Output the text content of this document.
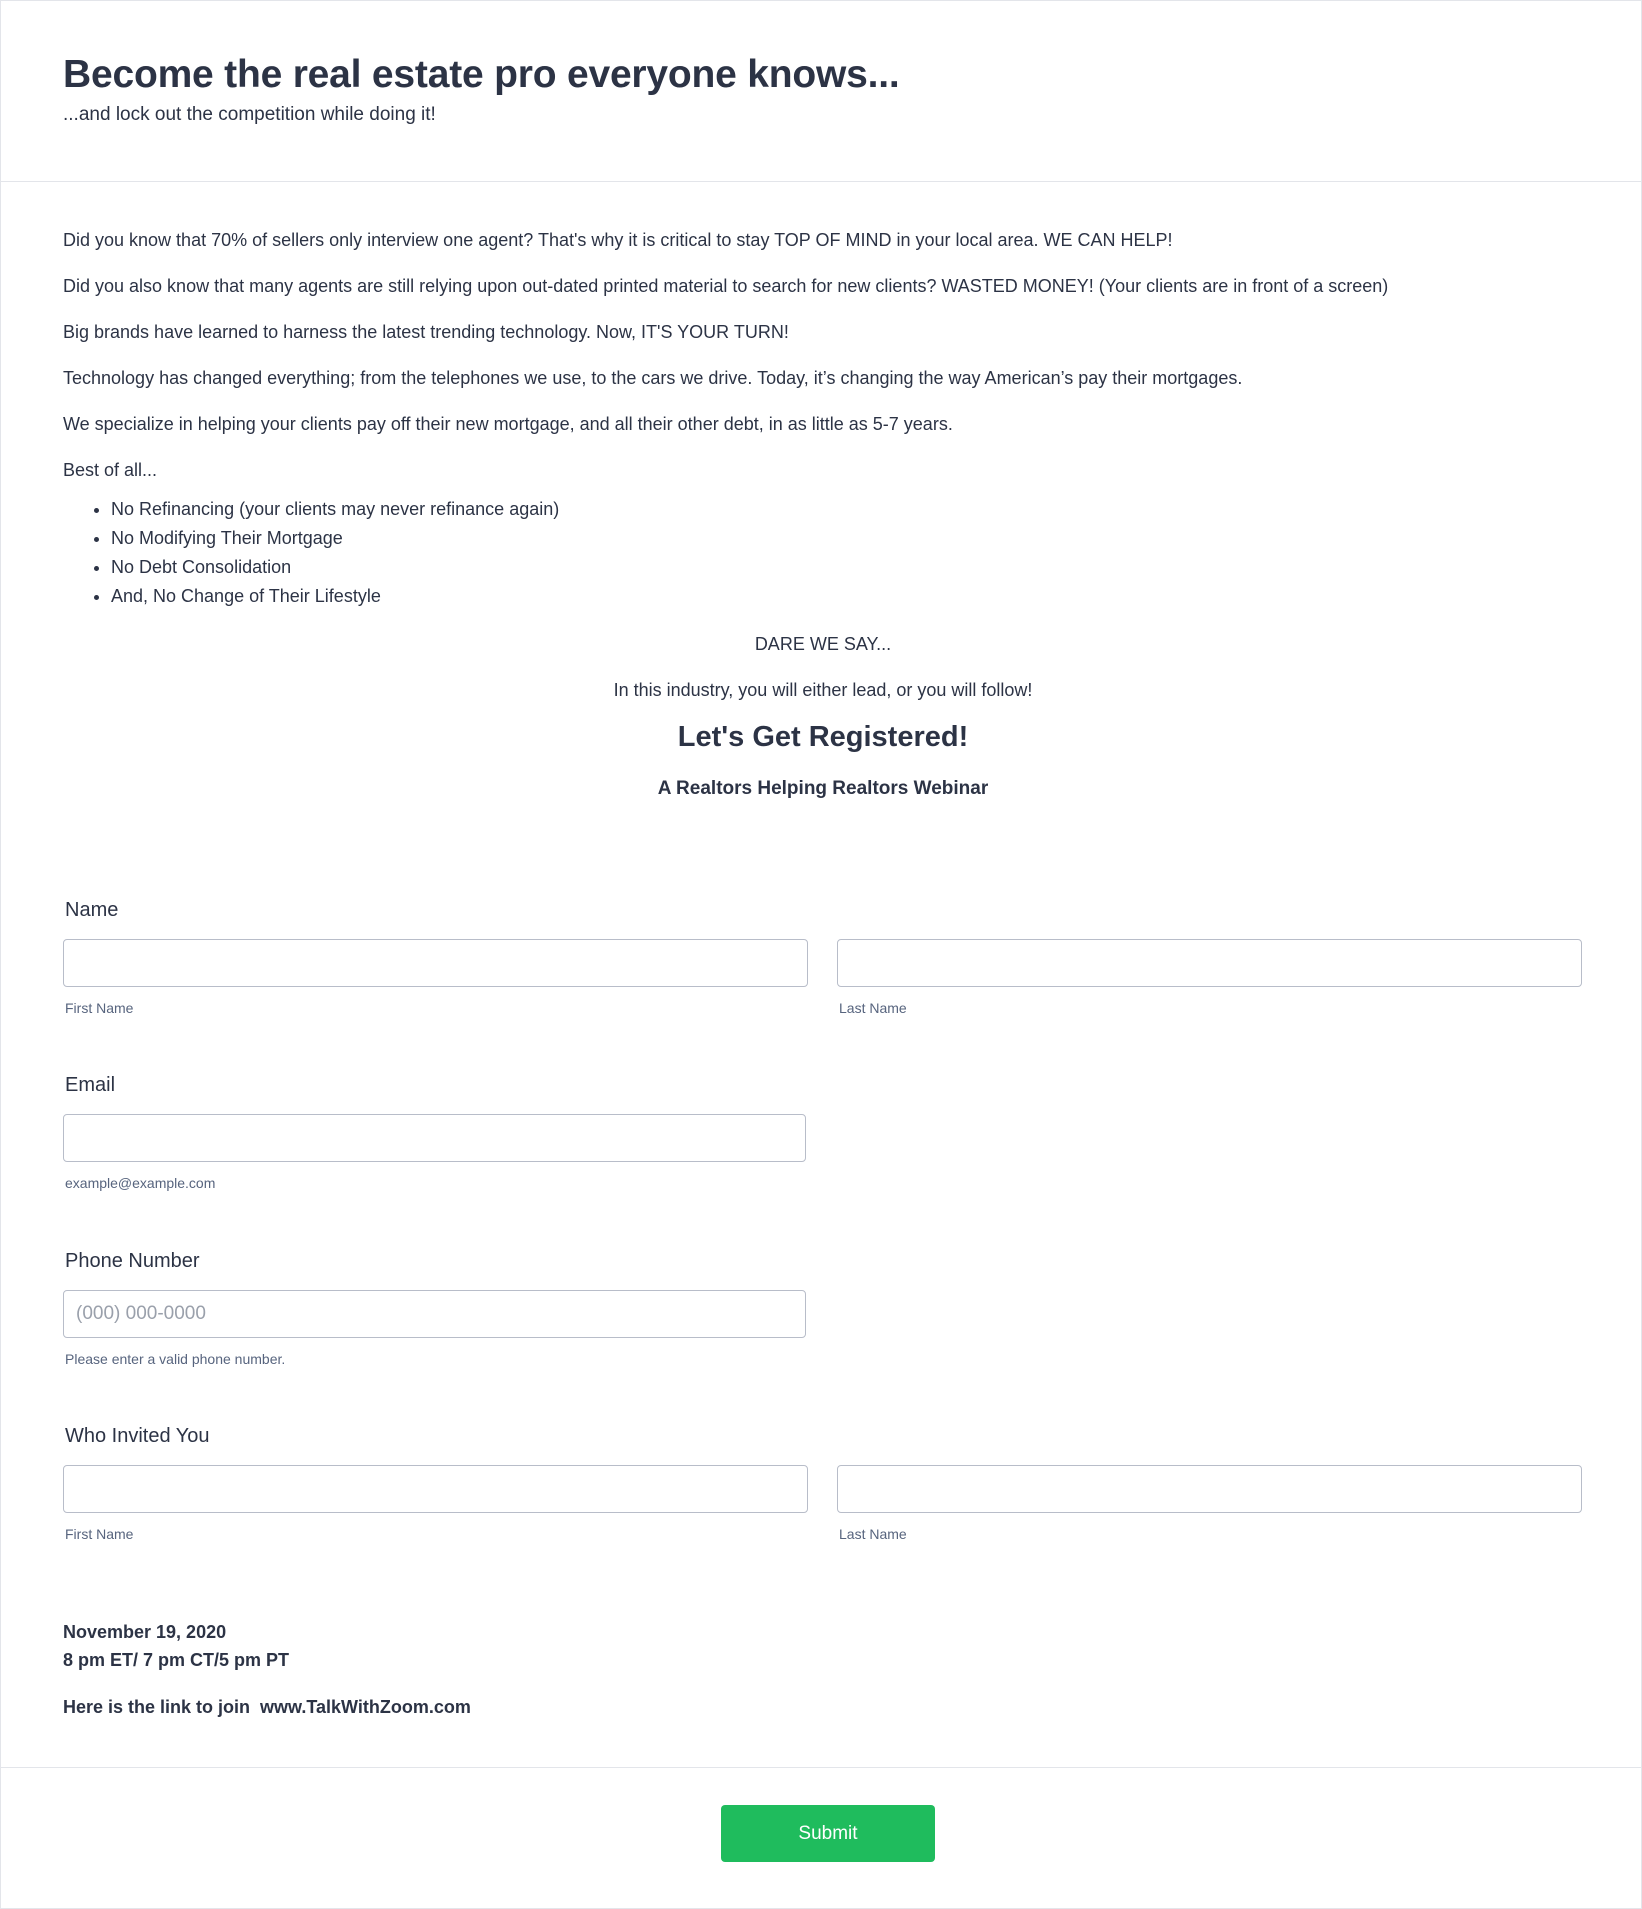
Become the real estate pro everyone knows...
...and lock out the competition while doing it!

Did you know that 70% of sellers only interview one agent? That's why it is critical to stay TOP OF MIND in your local area. WE CAN HELP!

Did you also know that many agents are still relying upon out-dated printed material to search for new clients? WASTED MONEY! (Your clients are in front of a screen)

Big brands have learned to harness the latest trending technology. Now, IT'S YOUR TURN!

Technology has changed everything; from the telephones we use, to the cars we drive. Today, it’s changing the way American’s pay their mortgages.

We specialize in helping your clients pay off their new mortgage, and all their other debt, in as little as 5-7 years.

Best of all...

• No Refinancing (your clients may never refinance again)
• No Modifying Their Mortgage
• No Debt Consolidation
• And, No Change of Their Lifestyle

DARE WE SAY...

In this industry, you will either lead, or you will follow!

Let's Get Registered!
A Realtors Helping Realtors Webinar
Name
First Name	Last Name
Email
example@example.com
Phone Number
(000) 000-0000
Please enter a valid phone number.
Who Invited You
First Name	Last Name
November 19, 2020
8 pm ET/ 7 pm CT/5 pm PT
Here is the link to join  www.TalkWithZoom.com
Submit
